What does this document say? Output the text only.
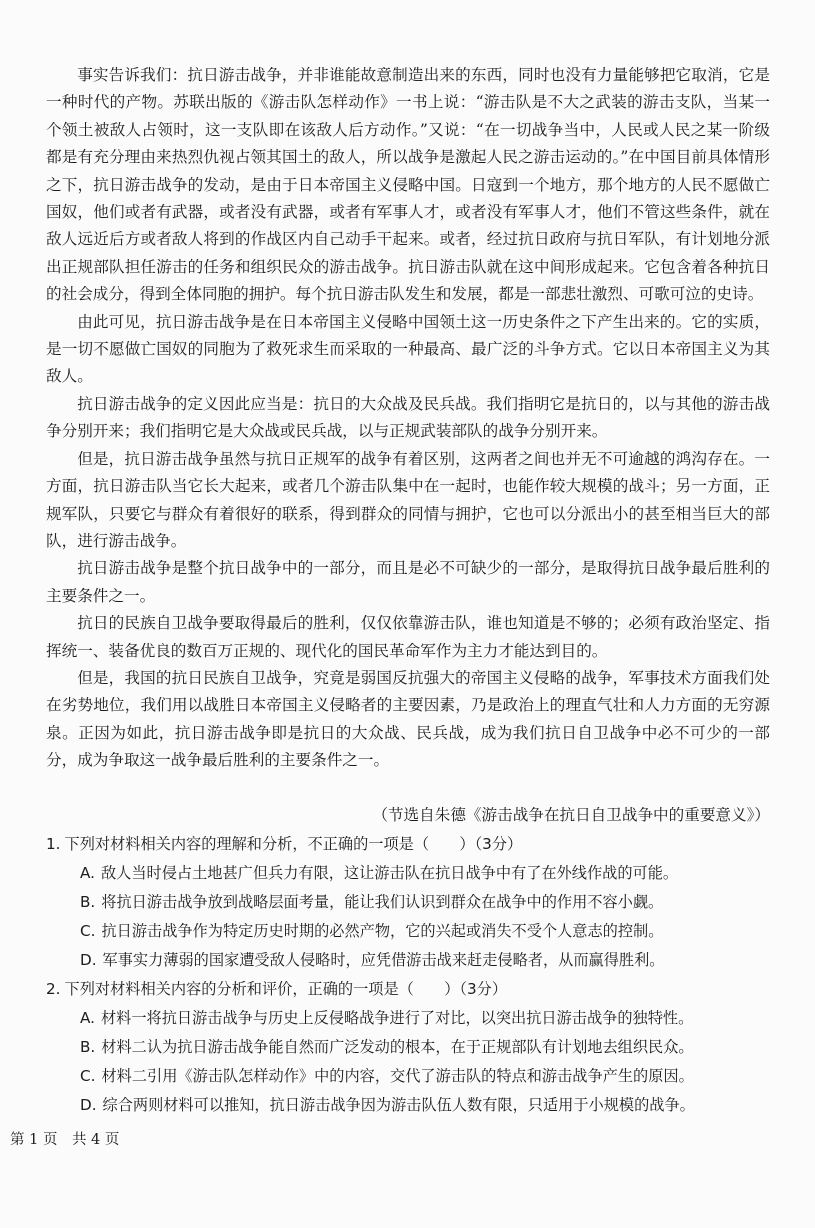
事实告诉我们：抗日游击战争，并非谁能故意制造出来的东西，同时也没有力量能够把它取消，它是一种时代的产物。苏联出版的《游击队怎样动作》一书上说：“游击队是不大之武装的游击支队，当某一个领土被敌人占领时，这一支队即在该敌人后方动作。”又说：“在一切战争当中，人民或人民之某一阶级都是有充分理由来热烈仇视占领其国土的敌人，所以战争是激起人民之游击运动的。”在中国目前具体情形之下，抗日游击战争的发动，是由于日本帝国主义侵略中国。日寇到一个地方，那个地方的人民不愿做亡国奴，他们或者有武器，或者没有武器，或者有军事人才，或者没有军事人才，他们不管这些条件，就在敌人远近后方或者敌人将到的作战区内自己动手干起来。或者，经过抗日政府与抗日军队，有计划地分派出正规部队担任游击的任务和组织民众的游击战争。抗日游击队就在这中间形成起来。它包含着各种抗日的社会成分，得到全体同胞的拥护。每个抗日游击队发生和发展，都是一部悲壮激烈、可歌可泣的史诗。

由此可见，抗日游击战争是在日本帝国主义侵略中国领土这一历史条件之下产生出来的。它的实质，是一切不愿做亡国奴的同胞为了救死求生而采取的一种最高、最广泛的斗争方式。它以日本帝国主义为其敌人。

抗日游击战争的定义因此应当是：抗日的大众战及民兵战。我们指明它是抗日的，以与其他的游击战争分别开来；我们指明它是大众战或民兵战，以与正规武装部队的战争分别开来。

但是，抗日游击战争虽然与抗日正规军的战争有着区别，这两者之间也并无不可逾越的鸿沟存在。一方面，抗日游击队当它长大起来，或者几个游击队集中在一起时，也能作较大规模的战斗；另一方面，正规军队，只要它与群众有着很好的联系，得到群众的同情与拥护，它也可以分派出小的甚至相当巨大的部队，进行游击战争。

抗日游击战争是整个抗日战争中的一部分，而且是必不可缺少的一部分，是取得抗日战争最后胜利的主要条件之一。

抗日的民族自卫战争要取得最后的胜利，仅仅依靠游击队，谁也知道是不够的；必须有政治坚定、指挥统一、装备优良的数百万正规的、现代化的国民革命军作为主力才能达到目的。

但是，我国的抗日民族自卫战争，究竟是弱国反抗强大的帝国主义侵略的战争，军事技术方面我们处在劣势地位，我们用以战胜日本帝国主义侵略者的主要因素，乃是政治上的理直气壮和人力方面的无穷源泉。正因为如此，抗日游击战争即是抗日的大众战、民兵战，成为我们抗日自卫战争中必不可少的一部分，成为争取这一战争最后胜利的主要条件之一。

（节选自朱德《游击战争在抗日自卫战争中的重要意义》）

1. 下列对材料相关内容的理解和分析，不正确的一项是（　　）（3分）

A. 敌人当时侵占土地甚广但兵力有限，这让游击队在抗日战争中有了在外线作战的可能。

B. 将抗日游击战争放到战略层面考量，能让我们认识到群众在战争中的作用不容小觑。

C. 抗日游击战争作为特定历史时期的必然产物，它的兴起或消失不受个人意志的控制。

D. 军事实力薄弱的国家遭受敌人侵略时，应凭借游击战来赶走侵略者，从而赢得胜利。

2. 下列对材料相关内容的分析和评价，正确的一项是（　　）（3分）

A. 材料一将抗日游击战争与历史上反侵略战争进行了对比，以突出抗日游击战争的独特性。

B. 材料二认为抗日游击战争能自然而广泛发动的根本，在于正规部队有计划地去组织民众。

C. 材料二引用《游击队怎样动作》中的内容，交代了游击队的特点和游击战争产生的原因。

D. 综合两则材料可以推知，抗日游击战争因为游击队伍人数有限，只适用于小规模的战争。

第 1 页　共 4 页
